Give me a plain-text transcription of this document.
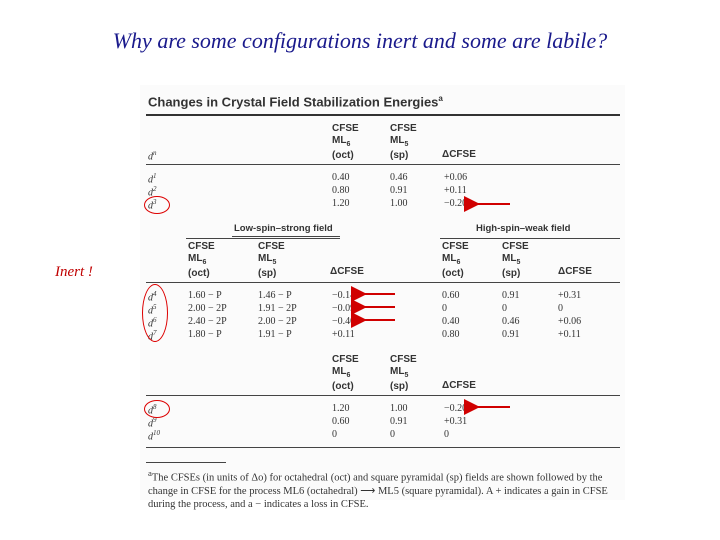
Why are some configurations inert and some are labile?
Inert !
Changes in Crystal Field Stabilization Energies$^a$
CFSE
$ML_6$
(oct)
CFSE
$ML_5$
(sp)
$d^n$	ΔCFSE
$d^1$	0.40	0.46	+0.06
$d^2$	0.80	0.91	+0.11
$d^3$	1.20	1.00	−0.20
Low-spin–strong field	High-spin–weak field
CFSE
$ML_6$
(oct)
CFSE
$ML_5$
(sp)	ΔCFSE
CFSE
$ML_6$
(oct)
CFSE
$ML_5$
(sp)	ΔCFSE
$d^4$	1.60 − P	1.46 − P	−0.14	0.60	0.91	+0.31
$d^5$	2.00 − 2P	1.91 − 2P	−0.09	0	0	0
$d^6$	2.40 − 2P	2.00 − 2P	−0.40	0.40	0.46	+0.06
$d^7$	1.80 − P	1.91 − P	+0.11	0.80	0.91	+0.11
CFSE
$ML_6$
(oct)
CFSE
$ML_5$
(sp)	ΔCFSE
$d^8$	1.20	1.00	−0.20
$d^9$	0.60	0.91	+0.31
$d^{10}$	0	0	0
$^a$The CFSEs (in units of Δo) for octahedral (oct) and square pyramidal (sp) fields are shown followed by the change in CFSE for the process ML6 (octahedral) ⟶ ML5 (square pyramidal). A + indicates a gain in CFSE during the process, and a − indicates a loss in CFSE.
